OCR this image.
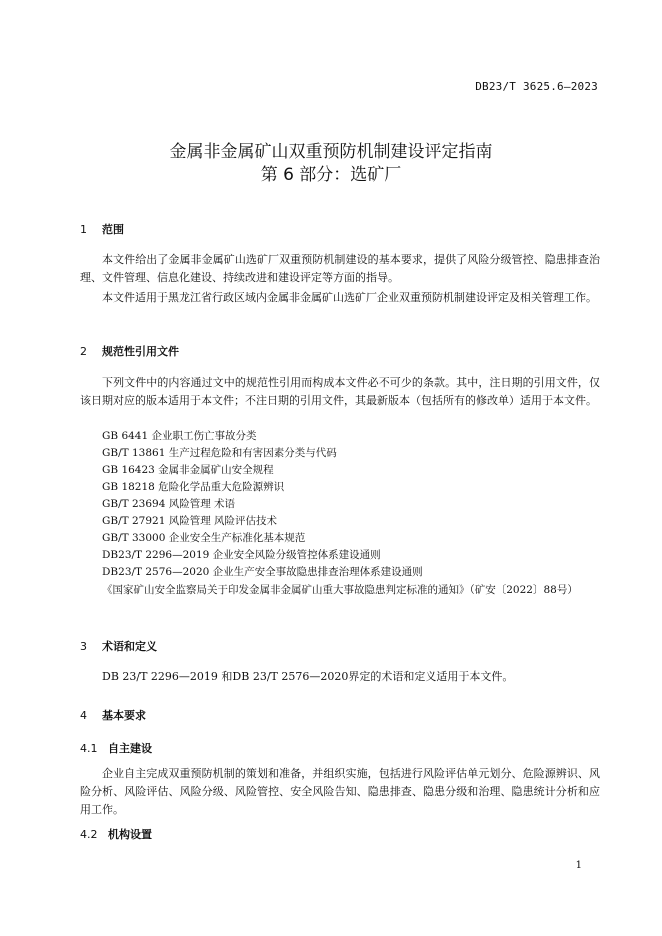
DB23/T 3625.6—2023
金属非金属矿山双重预防机制建设评定指南
第 6 部分：选矿厂
1 范围

本文件给出了金属非金属矿山选矿厂双重预防机制建设的基本要求，提供了风险分级管控、隐患排查治理、文件管理、信息化建设、持续改进和建设评定等方面的指导。

本文件适用于黑龙江省行政区域内金属非金属矿山选矿厂企业双重预防机制建设评定及相关管理工作。

2 规范性引用文件

下列文件中的内容通过文中的规范性引用而构成本文件必不可少的条款。其中，注日期的引用文件，仅该日期对应的版本适用于本文件；不注日期的引用文件，其最新版本（包括所有的修改单）适用于本文件。

GB 6441 企业职工伤亡事故分类
GB/T 13861 生产过程危险和有害因素分类与代码
GB 16423 金属非金属矿山安全规程
GB 18218 危险化学品重大危险源辨识
GB/T 23694 风险管理 术语
GB/T 27921 风险管理 风险评估技术
GB/T 33000 企业安全生产标准化基本规范
DB23/T 2296—2019 企业安全风险分级管控体系建设通则
DB23/T 2576—2020 企业生产安全事故隐患排查治理体系建设通则

《国家矿山安全监察局关于印发金属非金属矿山重大事故隐患判定标准的通知》（矿安〔2022〕88号）

3 术语和定义

DB 23/T 2296—2019 和DB 23/T 2576—2020界定的术语和定义适用于本文件。

4 基本要求
4.1 自主建设

企业自主完成双重预防机制的策划和准备，并组织实施，包括进行风险评估单元划分、危险源辨识、风险分析、风险评估、风险分级、风险管控、安全风险告知、隐患排查、隐患分级和治理、隐患统计分析和应用工作。

4.2 机构设置
1
